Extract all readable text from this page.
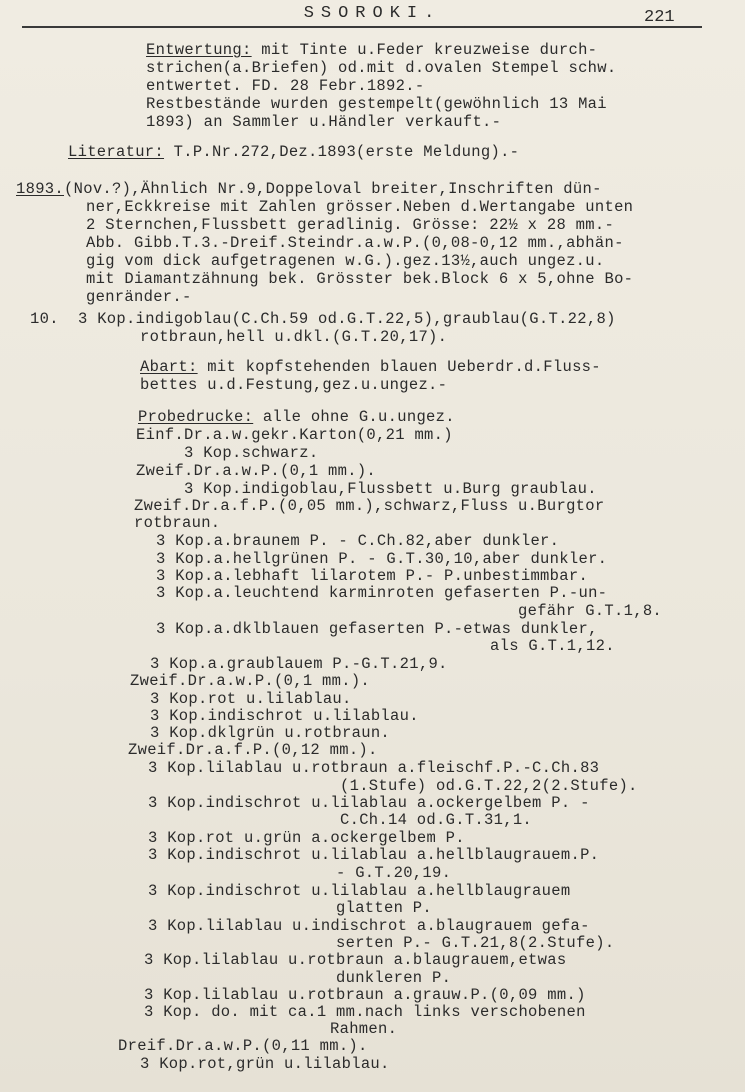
SSOROKI.	221
Entwertung: mit Tinte u.Feder kreuzweise durch-
strichen(a.Briefen) od.mit d.ovalen Stempel schw.
entwertet. FD. 28 Febr.1892.-
Restbestände wurden gestempelt(gewöhnlich 13 Mai
1893) an Sammler u.Händler verkauft.-
Literatur: T.P.Nr.272,Dez.1893(erste Meldung).-
1893.(Nov.?),Ähnlich Nr.9,Doppeloval breiter,Inschriften dün-
ner,Eckkreise mit Zahlen grösser.Neben d.Wertangabe unten
2 Sternchen,Flussbett geradlinig. Grösse: 22½ x 28 mm.-
Abb. Gibb.T.3.-Dreif.Steindr.a.w.P.(0,08-0,12 mm.,abhän-
gig vom dick aufgetragenen w.G.).gez.13½,auch ungez.u.
mit Diamantzähnung bek. Grösster bek.Block 6 x 5,ohne Bo-
genränder.-
10. 3 Kop.indigoblau(C.Ch.59 od.G.T.22,5),graublau(G.T.22,8)
rotbraun,hell u.dkl.(G.T.20,17).
Abart: mit kopfstehenden blauen Ueberdr.d.Fluss-
bettes u.d.Festung,gez.u.ungez.-
Probedrucke: alle ohne G.u.ungez.
Einf.Dr.a.w.gekr.Karton(0,21 mm.)
3 Kop.schwarz.
Zweif.Dr.a.w.P.(0,1 mm.).
3 Kop.indigoblau,Flussbett u.Burg graublau.
Zweif.Dr.a.f.P.(0,05 mm.),schwarz,Fluss u.Burgtor
rotbraun.
3 Kop.a.braunem P. - C.Ch.82,aber dunkler.
3 Kop.a.hellgrünen P. - G.T.30,10,aber dunkler.
3 Kop.a.lebhaft lilarotem P.- P.unbestimmbar.
3 Kop.a.leuchtend karminroten gefaserten P.-un-
gefähr G.T.1,8.
3 Kop.a.dklblauen gefaserten P.-etwas dunkler,
als G.T.1,12.
3 Kop.a.graublauem P.-G.T.21,9.
Zweif.Dr.a.w.P.(0,1 mm.).
3 Kop.rot u.lilablau.
3 Kop.indischrot u.lilablau.
3 Kop.dklgrün u.rotbraun.
Zweif.Dr.a.f.P.(0,12 mm.).
3 Kop.lilablau u.rotbraun a.fleischf.P.-C.Ch.83
(1.Stufe) od.G.T.22,2(2.Stufe).
3 Kop.indischrot u.lilablau a.ockergelbem P. -
C.Ch.14 od.G.T.31,1.
3 Kop.rot u.grün a.ockergelbem P.
3 Kop.indischrot u.lilablau a.hellblaugrauem.P.
- G.T.20,19.
3 Kop.indischrot u.lilablau a.hellblaugrauem
glatten P.
3 Kop.lilablau u.indischrot a.blaugrauem gefa-
serten P.- G.T.21,8(2.Stufe).
3 Kop.lilablau u.rotbraun a.blaugrauem,etwas
dunkleren P.
3 Kop.lilablau u.rotbraun a.grauw.P.(0,09 mm.)
3 Kop. do. mit ca.1 mm.nach links verschobenen
Rahmen.
Dreif.Dr.a.w.P.(0,11 mm.).
3 Kop.rot,grün u.lilablau.
